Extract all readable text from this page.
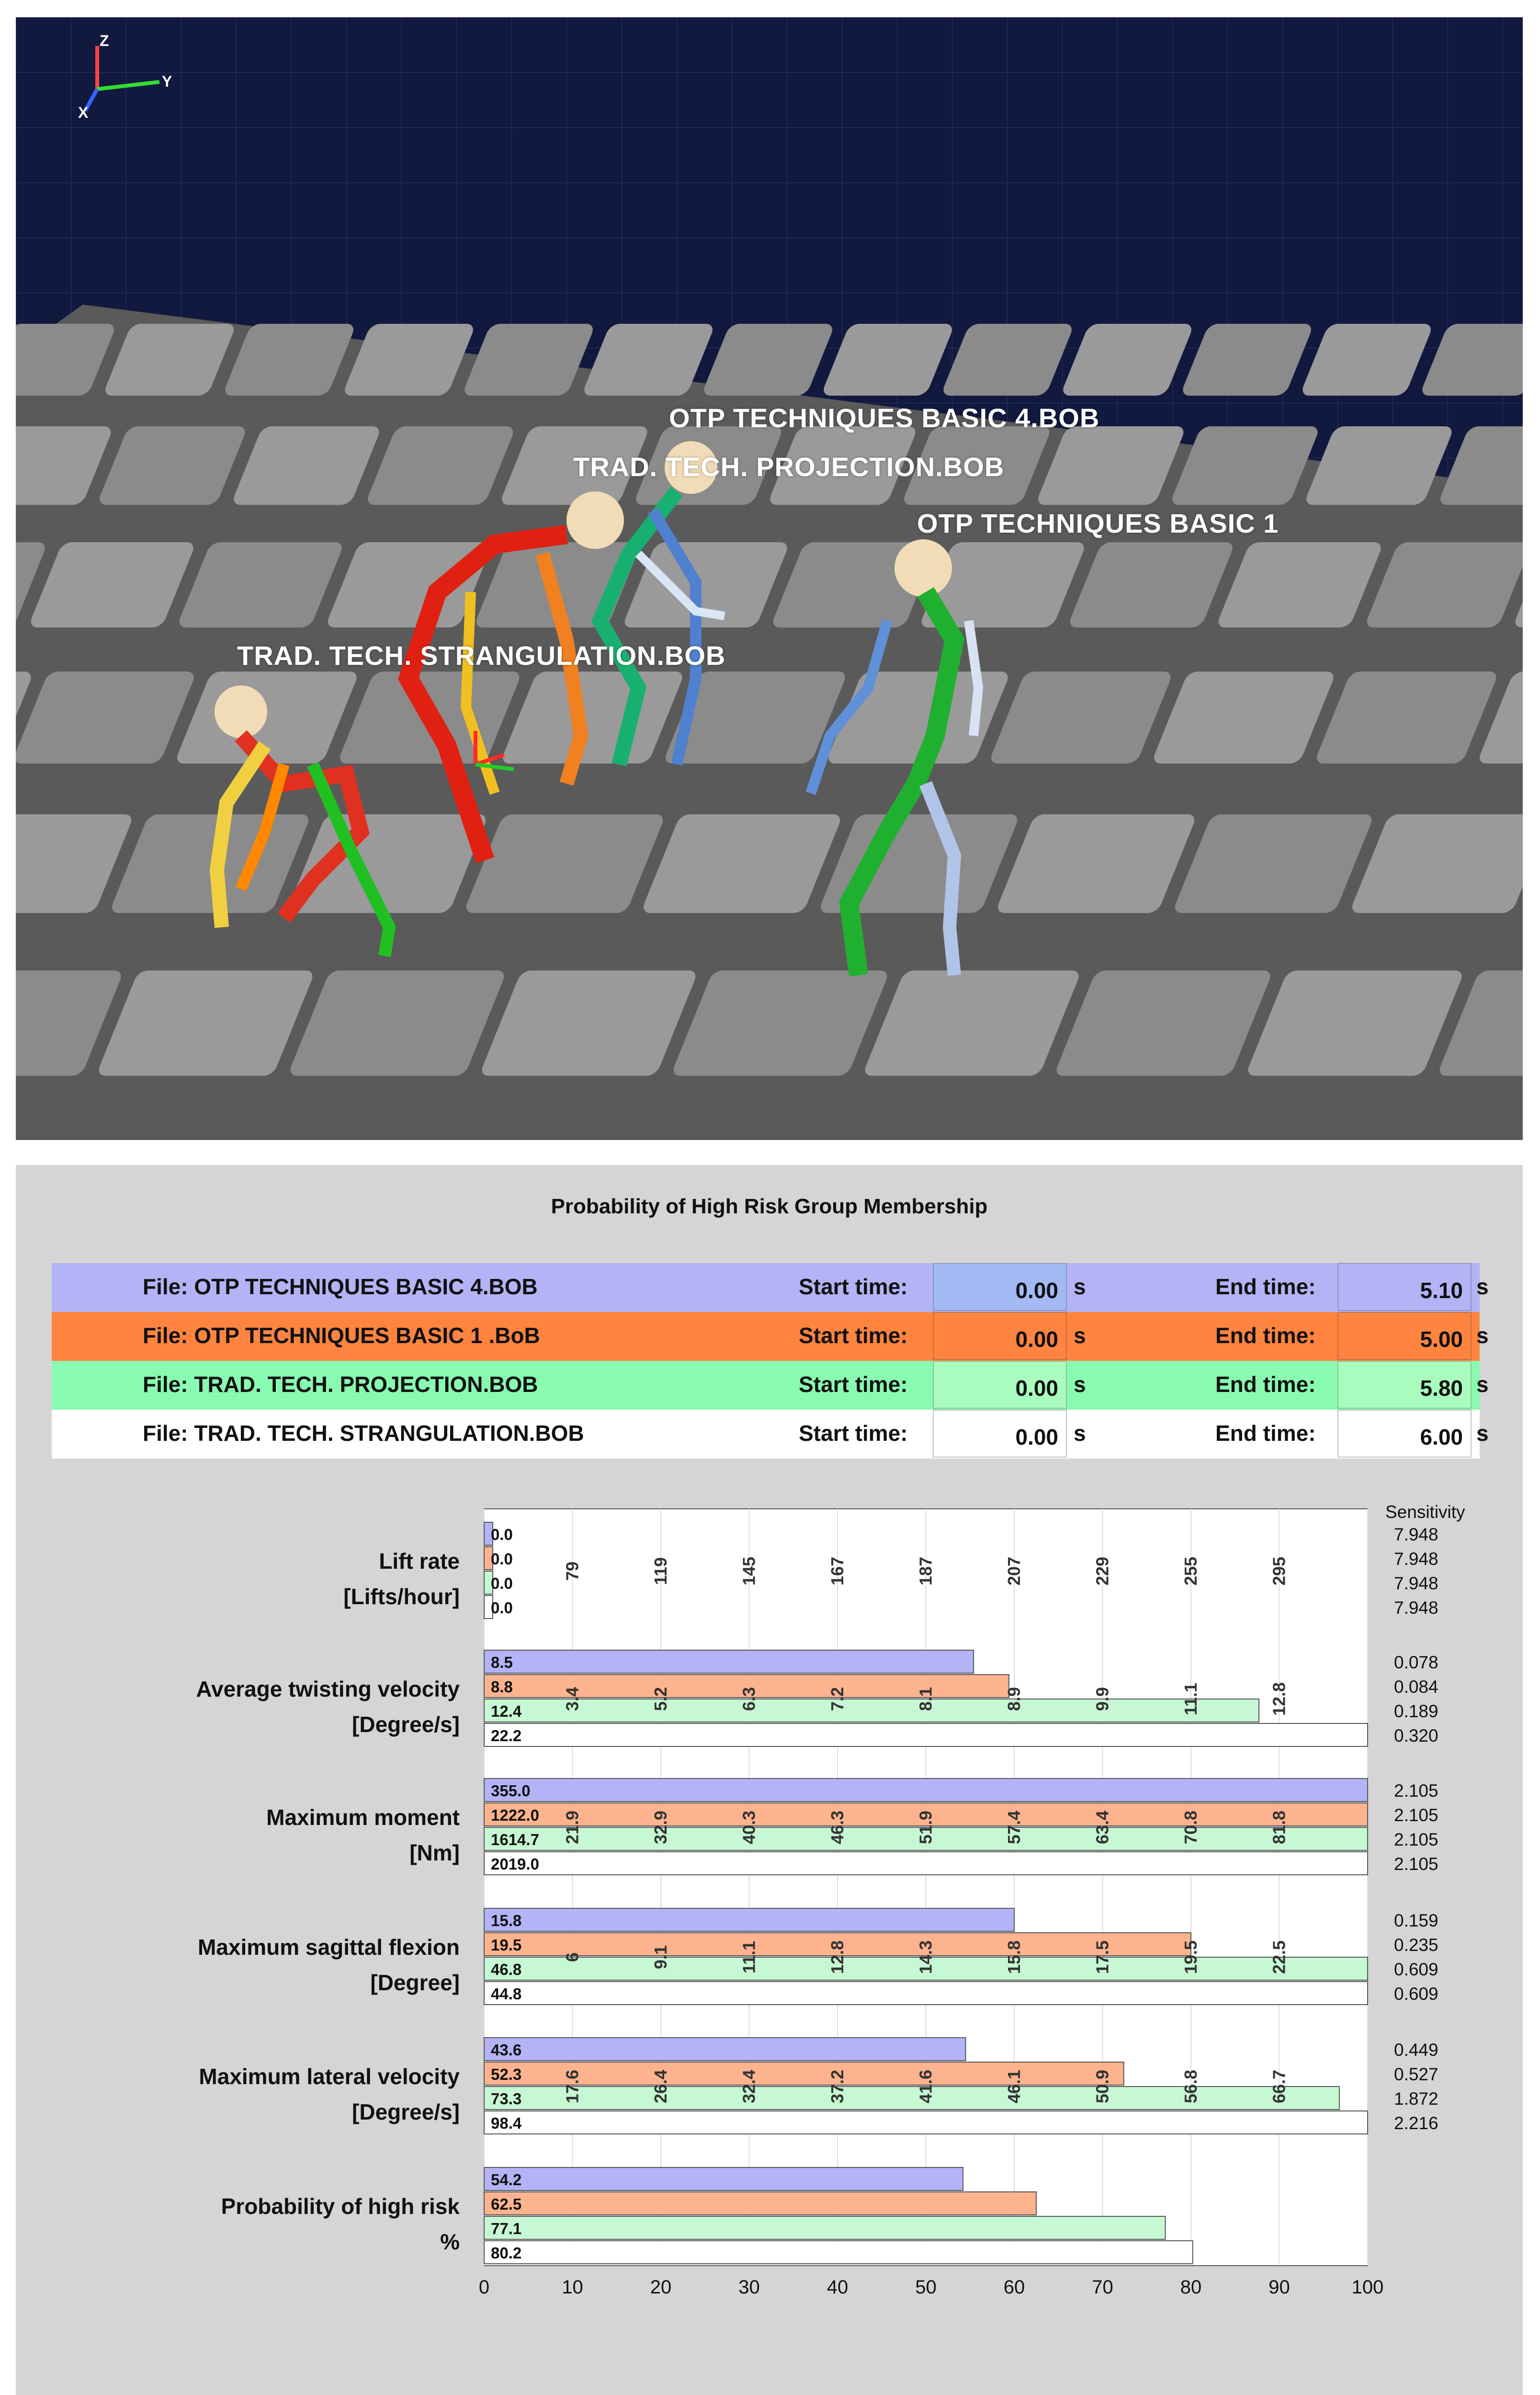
Z
Y
X
OTP TECHNIQUES BASIC 4.BOB
TRAD. TECH. PROJECTION.BOB
OTP TECHNIQUES BASIC 1
TRAD. TECH. STRANGULATION.BOB
Probability of High Risk Group Membership
File: OTP TECHNIQUES BASIC 4.BOB	Start time:	0.00 s	End time:	5.10 s
File: OTP TECHNIQUES BASIC 1 .BoB	Start time:	0.00 s	End time:	5.00 s
File: TRAD. TECH. PROJECTION.BOB	Start time:	0.00 s	End time:	5.80 s
File: TRAD. TECH. STRANGULATION.BOB	Start time:	0.00 s	End time:	6.00 s
0	10	20	30	40	50	60	70	80	90	100
Sensitivity
0.0	7.948
0.0	7.948
0.0	7.948
0.0	7.948
79	119	145	167	187	207	229	255	295
8.5	0.078
8.8	0.084
12.4	0.189
22.2	0.320
3.4	5.2	6.3	7.2	8.1	8.9	9.9	11.1	12.8
355.0	2.105
1222.0	2.105
1614.7	2.105
2019.0	2.105
21.9	32.9	40.3	46.3	51.9	57.4	63.4	70.8	81.8
15.8	0.159
19.5	0.235
46.8	0.609
44.8	0.609
6	9.1	11.1	12.8	14.3	15.8	17.5	19.5	22.5
43.6	0.449
52.3	0.527
73.3	1.872
98.4	2.216
17.6	26.4	32.4	37.2	41.6	46.1	50.9	56.8	66.7
54.2
62.5
77.1
80.2
Lift rate
[Lifts/hour]
Average twisting velocity
[Degree/s]
Maximum moment
[Nm]
Maximum sagittal flexion
[Degree]
Maximum lateral velocity
[Degree/s]
Probability of high risk
%
